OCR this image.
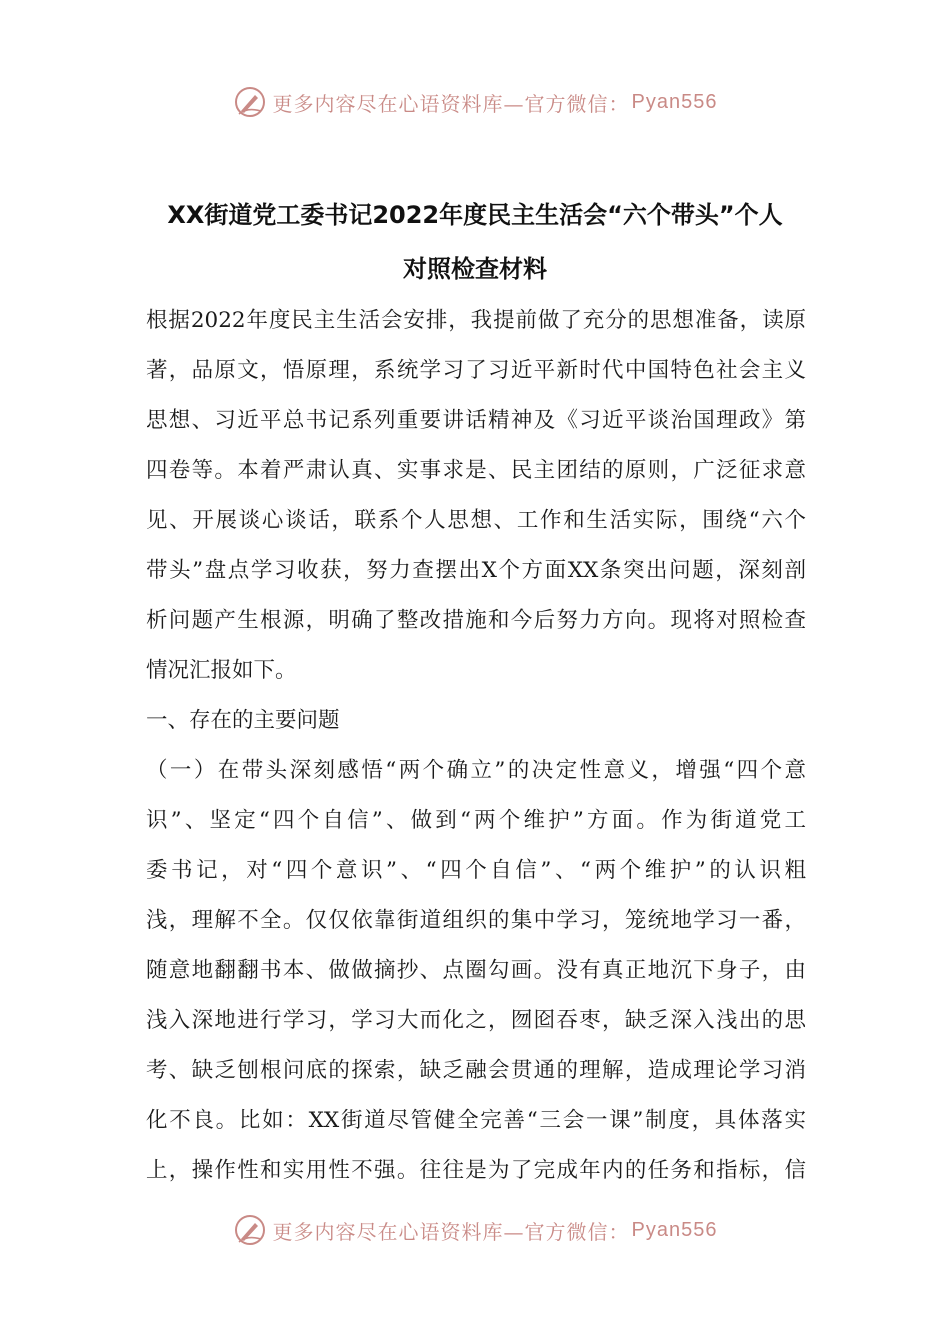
更多内容尽在心语资料库—官方微信： Pyan556
XX街道党工委书记2022年度民主生活会“六个带头”个人
对照检查材料
根据2022年度民主生活会安排，我提前做了充分的思想准备，读原
著，品原文，悟原理，系统学习了习近平新时代中国特色社会主义
思想、习近平总书记系列重要讲话精神及《习近平谈治国理政》第
四卷等。本着严肃认真、实事求是、民主团结的原则，广泛征求意
见、开展谈心谈话，联系个人思想、工作和生活实际，围绕“六个
带头”盘点学习收获，努力查摆出X个方面XX条突出问题，深刻剖
析问题产生根源，明确了整改措施和今后努力方向。现将对照检查
情况汇报如下。
一、存在的主要问题
（一）在带头深刻感悟“两个确立”的决定性意义，增强“四个意
识”、坚定“四个自信”、做到“两个维护”方面。作为街道党工
委书记，对“四个意识”、“四个自信”、“两个维护”的认识粗
浅，理解不全。仅仅依靠街道组织的集中学习，笼统地学习一番，
随意地翻翻书本、做做摘抄、点圈勾画。没有真正地沉下身子，由
浅入深地进行学习，学习大而化之，囫囵吞枣，缺乏深入浅出的思
考、缺乏刨根问底的探索，缺乏融会贯通的理解，造成理论学习消
化不良。比如：XX街道尽管健全完善“三会一课”制度，具体落实
上，操作性和实用性不强。往往是为了完成年内的任务和指标，信
更多内容尽在心语资料库—官方微信： Pyan556
